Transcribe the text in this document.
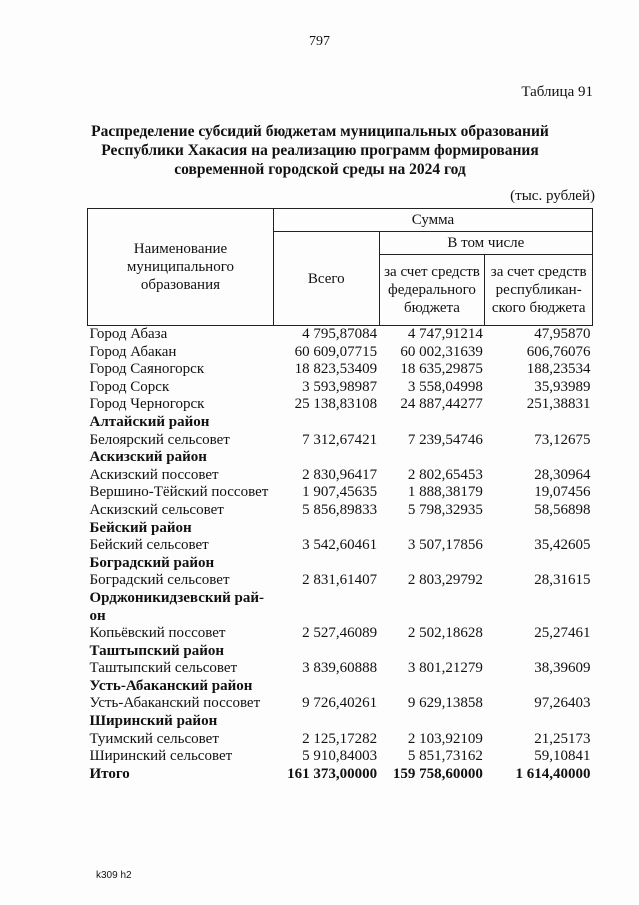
797
Таблица 91
Распределение субсидий бюджетам муниципальных образований
Республики Хакасия на реализацию программ формирования
современной городской среды на 2024 год
(тыс. рублей)
Наименование муниципального образования	Сумма		
	Всего	В том числе	
		за счет средств федерального бюджета	за счет средств республикан-ского бюджета
Город Абаза	4 795,87084	4 747,91214	47,95870
Город Абакан	60 609,07715	60 002,31639	606,76076
Город Саяногорск	18 823,53409	18 635,29875	188,23534
Город Сорск	3 593,98987	3 558,04998	35,93989
Город Черногорск	25 138,83108	24 887,44277	251,38831
Алтайский район			
Белоярский сельсовет	7 312,67421	7 239,54746	73,12675
Аскизский район			
Аскизский поссовет	2 830,96417	2 802,65453	28,30964
Вершино-Тёйский поссовет	1 907,45635	1 888,38179	19,07456
Аскизский сельсовет	5 856,89833	5 798,32935	58,56898
Бейский район			
Бейский сельсовет	3 542,60461	3 507,17856	35,42605
Боградский район			
Боградский сельсовет	2 831,61407	2 803,29792	28,31615
Орджоникидзевский рай-он			
Копьёвский поссовет	2 527,46089	2 502,18628	25,27461
Таштыпский район			
Таштыпский сельсовет	3 839,60888	3 801,21279	38,39609
Усть-Абаканский район			
Усть-Абаканский поссовет	9 726,40261	9 629,13858	97,26403
Ширинский район			
Туимский сельсовет	2 125,17282	2 103,92109	21,25173
Ширинский сельсовет	5 910,84003	5 851,73162	59,10841
Итого	161 373,00000	159 758,60000	1 614,40000
k309 h2
